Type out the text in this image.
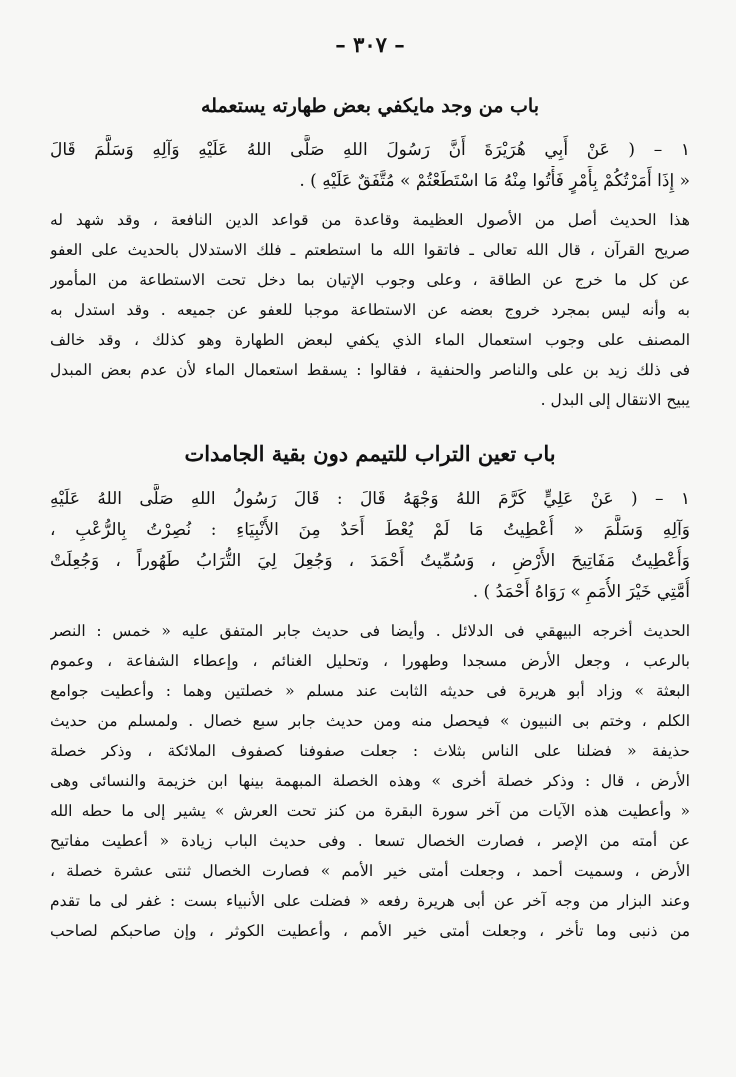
– ٣٠٧ –
باب من وجد مايكفي بعض طهارته يستعمله
١ – ( عَنْ أَبِي هُرَيْرَةَ أَنَّ رَسُولَ اللهِ صَلَّى اللهُ عَلَيْهِ وَآلِهِ وَسَلَّمَ قَالَ
« إِذَا أَمَرْتُكُمْ بِأَمْرٍ فَأْتُوا مِنْهُ مَا اسْتَطَعْتُمْ » مُتَّفَقٌ عَلَيْهِ ) .
هذا الحديث أصل من الأصول العظيمة وقاعدة من قواعد الدين النافعة ، وقد شهد له
صريح القرآن ، قال الله تعالى ـ فاتقوا الله ما استطعتم ـ فلك الاستدلال بالحديث على العفو
عن كل ما خرج عن الطاقة ، وعلى وجوب الإتيان بما دخل تحت الاستطاعة من المأمور
به وأنه ليس بمجرد خروج بعضه عن الاستطاعة موجبا للعفو عن جميعه . وقد استدل به
المصنف على وجوب استعمال الماء الذي يكفي لبعض الطهارة وهو كذلك ، وقد خالف
فى ذلك زيد بن على والناصر والحنفية ، فقالوا : يسقط استعمال الماء لأن عدم بعض المبدل
يبيح الانتقال إلى البدل .
باب تعين التراب للتيمم دون بقية الجامدات
١ – ( عَنْ عَلِيٍّ كَرَّمَ اللهُ وَجْهَهُ قَالَ : قَالَ رَسُولُ اللهِ صَلَّى اللهُ عَلَيْهِ
وَآلِهِ وَسَلَّمَ « أُعْطِيتُ مَا لَمْ يُعْطَ أَحَدٌ مِنَ الأَنْبِيَاءِ : نُصِرْتُ بِالرُّعْبِ ،
وَأُعْطِيتُ مَفَاتِيحَ الأَرْضِ ، وَسُمِّيتُ أَحْمَدَ ، وَجُعِلَ لِيَ التُّرَابُ طَهُوراً ، وَجُعِلَتْ
أُمَّتِي خَيْرَ الأُمَمِ » رَوَاهُ أَحْمَدُ ) .
الحديث أخرجه البيهقي فى الدلائل . وأيضا فى حديث جابر المتفق عليه « خمس : النصر
بالرعب ، وجعل الأرض مسجدا وطهورا ، وتحليل الغنائم ، وإعطاء الشفاعة ، وعموم
البعثة » وزاد أبو هريرة فى حديثه الثابت عند مسلم « خصلتين وهما : وأعطيت جوامع
الكلم ، وختم بى النبيون » فيحصل منه ومن حديث جابر سبع خصال . ولمسلم من حديث
حذيفة « فضلنا على الناس بثلاث : جعلت صفوفنا كصفوف الملائكة ، وذكر خصلة
الأرض ، قال : وذكر خصلة أخرى » وهذه الخصلة المبهمة بينها ابن خزيمة والنسائى وهى
« وأعطيت هذه الآيات من آخر سورة البقرة من كنز تحت العرش » يشير إلى ما حطه الله
عن أمته من الإصر ، فصارت الخصال تسعا . وفى حديث الباب زيادة « أعطيت مفاتيح
الأرض ، وسميت أحمد ، وجعلت أمتى خير الأمم » فصارت الخصال ثنتى عشرة خصلة ،
وعند البزار من وجه آخر عن أبى هريرة رفعه « فضلت على الأنبياء بست : غفر لى ما تقدم
من ذنبى وما تأخر ، وجعلت أمتى خير الأمم ، وأعطيت الكوثر ، وإن صاحبكم لصاحب
